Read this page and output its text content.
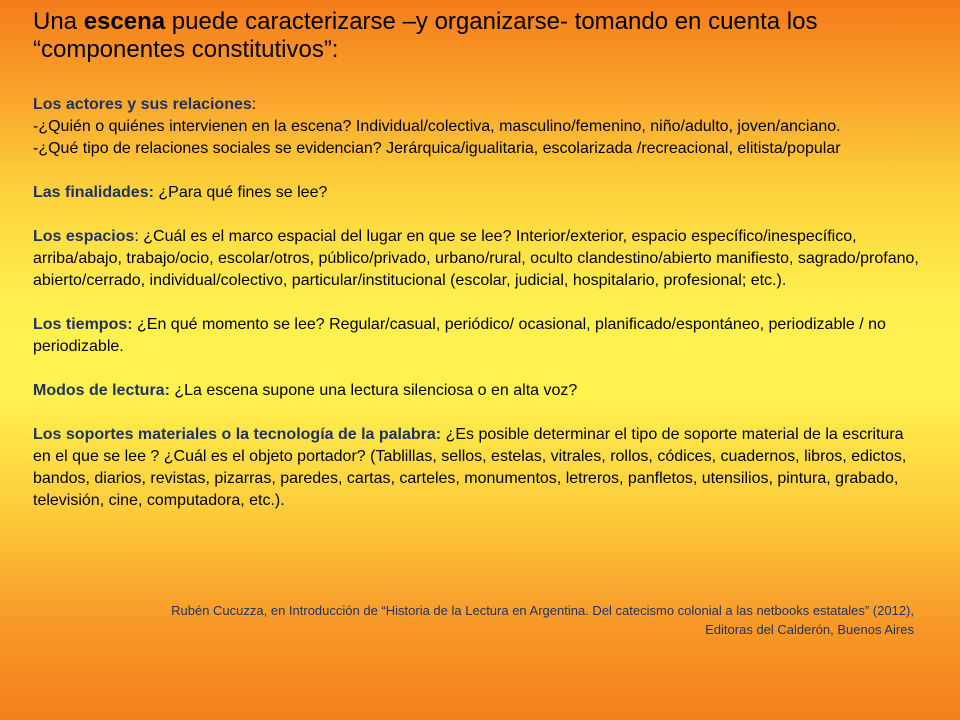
Una escena puede caracterizarse –y organizarse- tomando en cuenta los “componentes constitutivos”:

Los actores y sus relaciones:
-¿Quién o quiénes intervienen en la escena? Individual/colectiva, masculino/femenino, niño/adulto, joven/anciano.
-¿Qué tipo de relaciones sociales se evidencian? Jerárquica/igualitaria, escolarizada /recreacional, elitista/popular

Las finalidades: ¿Para qué fines se lee?

Los espacios: ¿Cuál es el marco espacial del lugar en que se lee? Interior/exterior, espacio específico/inespecífico, arriba/abajo, trabajo/ocio, escolar/otros, público/privado, urbano/rural, oculto clandestino/abierto manifiesto, sagrado/profano, abierto/cerrado, individual/colectivo, particular/institucional (escolar, judicial, hospitalario, profesional; etc.).

Los tiempos: ¿En qué momento se lee? Regular/casual, periódico/ ocasional, planificado/espontáneo, periodizable / no periodizable.

Modos de lectura: ¿La escena supone una lectura silenciosa o en alta voz?

Los soportes materiales o la tecnología de la palabra: ¿Es posible determinar el tipo de soporte material de la escritura en el que se lee ? ¿Cuál es el objeto portador? (Tablillas, sellos, estelas, vitrales, rollos, códices, cuadernos, libros, edictos, bandos, diarios, revistas, pizarras, paredes, cartas, carteles, monumentos, letreros, panfletos, utensilios, pintura, grabado, televisión, cine, computadora, etc.).

Rubén Cucuzza, en Introducción de “Historia de la Lectura en Argentina. Del catecismo colonial a las netbooks estatales” (2012),
Editoras del Calderón, Buenos Aires
